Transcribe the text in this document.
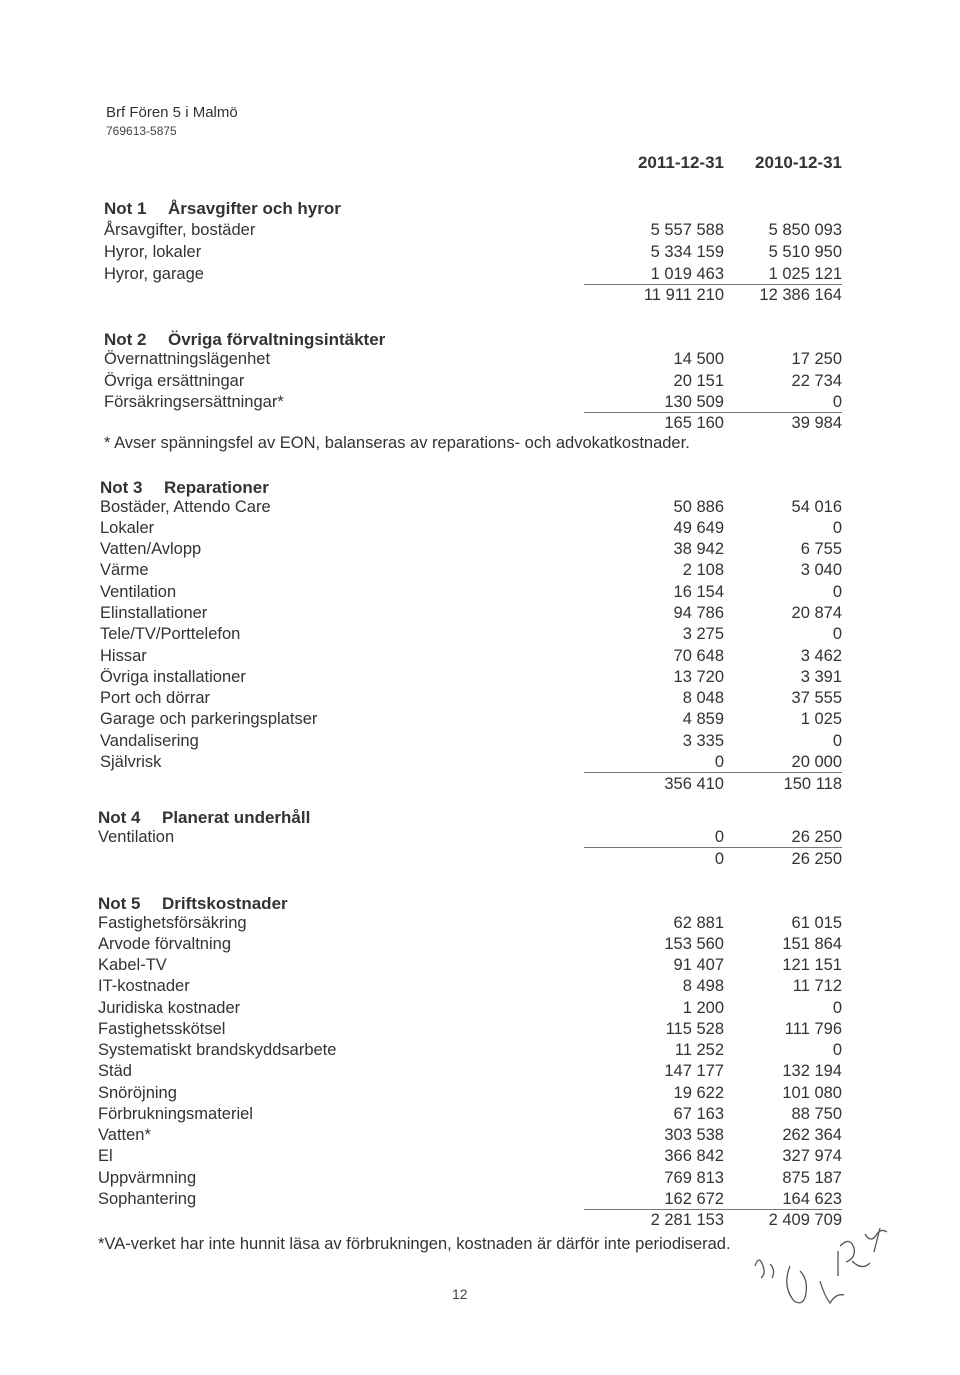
Brf Fören 5 i Malmö
769613-5875
2011-12-31	2010-12-31
Not 1 Årsavgifter och hyror
Årsavgifter, bostäder	5 557 588	5 850 093
Hyror, lokaler	5 334 159	5 510 950
Hyror, garage	1 019 463	1 025 121
11 911 210	12 386 164
Not 2 Övriga förvaltningsintäkter
Övernattningslägenhet	14 500	17 250
Övriga ersättningar	20 151	22 734
Försäkringsersättningar*	130 509	0
165 160	39 984
* Avser spänningsfel av EON, balanseras av reparations- och advokatkostnader.
Not 3 Reparationer
Bostäder, Attendo Care	50 886	54 016
Lokaler	49 649	0
Vatten/Avlopp	38 942	6 755
Värme	2 108	3 040
Ventilation	16 154	0
Elinstallationer	94 786	20 874
Tele/TV/Porttelefon	3 275	0
Hissar	70 648	3 462
Övriga installationer	13 720	3 391
Port och dörrar	8 048	37 555
Garage och parkeringsplatser	4 859	1 025
Vandalisering	3 335	0
Självrisk	0	20 000
356 410	150 118
Not 4 Planerat underhåll
Ventilation	0	26 250
0	26 250
Not 5 Driftskostnader
Fastighetsförsäkring	62 881	61 015
Arvode förvaltning	153 560	151 864
Kabel-TV	91 407	121 151
IT-kostnader	8 498	11 712
Juridiska kostnader	1 200	0
Fastighetsskötsel	115 528	111 796
Systematiskt brandskyddsarbete	11 252	0
Städ	147 177	132 194
Snöröjning	19 622	101 080
Förbrukningsmateriel	67 163	88 750
Vatten*	303 538	262 364
El	366 842	327 974
Uppvärmning	769 813	875 187
Sophantering	162 672	164 623
2 281 153	2 409 709
*VA-verket har inte hunnit läsa av förbrukningen, kostnaden är därför inte periodiserad.
12
